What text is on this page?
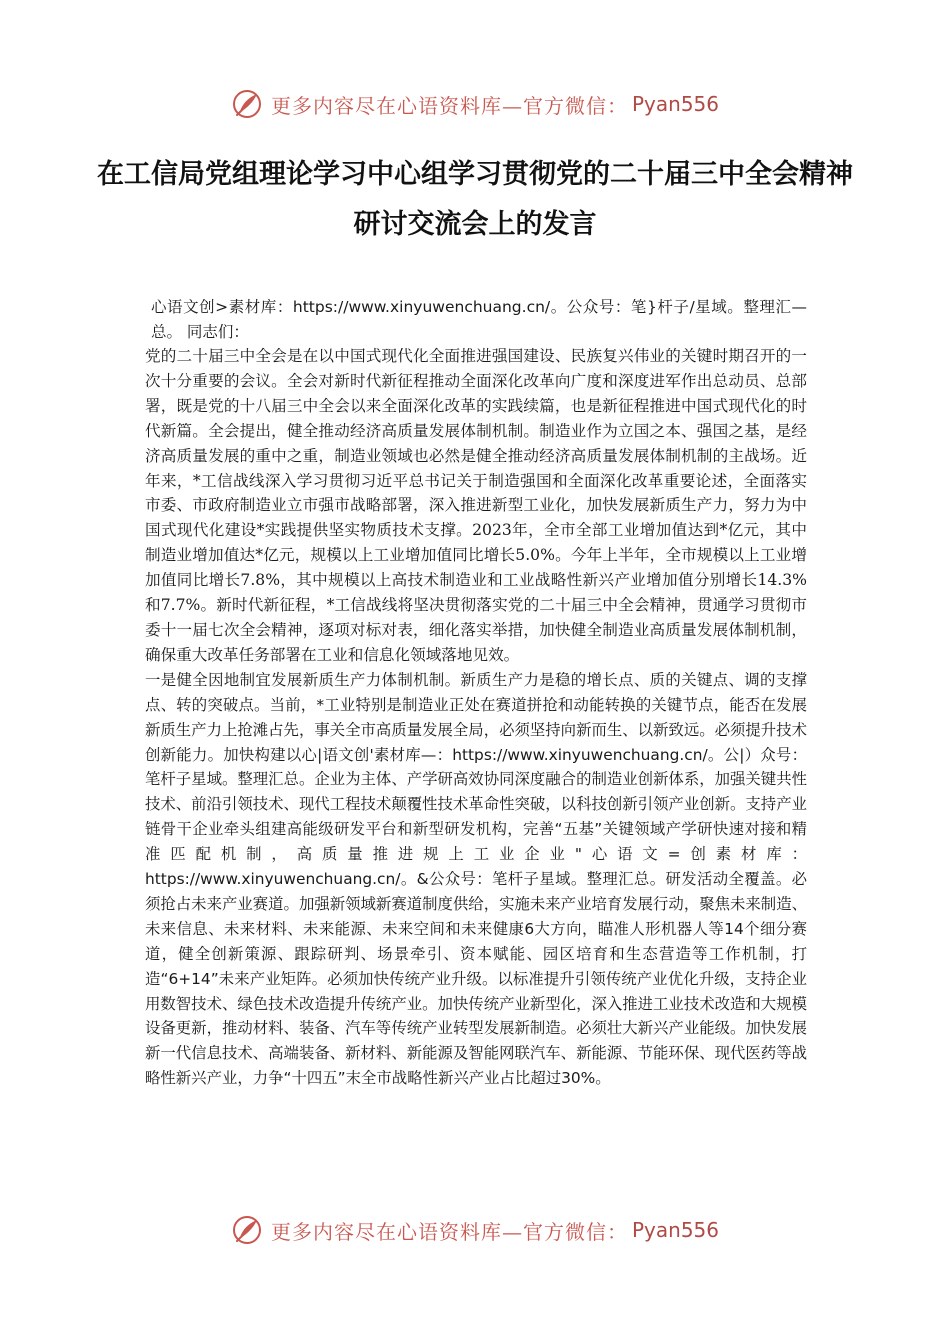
更多内容尽在心语资料库—官方微信： Pyan556
在工信局党组理论学习中心组学习贯彻党的二十届三中全会精神研讨交流会上的发言

心语文创>素材库：https://www.xinyuwenchuang.cn/。公众号：笔}杆子/星域。整理汇—总。 同志们：

党的二十届三中全会是在以中国式现代化全面推进强国建设、民族复兴伟业的关键时期召开的一次十分重要的会议。全会对新时代新征程推动全面深化改革向广度和深度进军作出总动员、总部署，既是党的十八届三中全会以来全面深化改革的实践续篇，也是新征程推进中国式现代化的时代新篇。全会提出，健全推动经济高质量发展体制机制。制造业作为立国之本、强国之基，是经济高质量发展的重中之重，制造业领域也必然是健全推动经济高质量发展体制机制的主战场。近年来，*工信战线深入学习贯彻习近平总书记关于制造强国和全面深化改革重要论述，全面落实市委、市政府制造业立市强市战略部署，深入推进新型工业化，加快发展新质生产力，努力为中国式现代化建设*实践提供坚实物质技术支撑。2023年，全市全部工业增加值达到*亿元，其中制造业增加值达*亿元，规模以上工业增加值同比增长5.0%。今年上半年，全市规模以上工业增加值同比增长7.8%，其中规模以上高技术制造业和工业战略性新兴产业增加值分别增长14.3%和7.7%。新时代新征程，*工信战线将坚决贯彻落实党的二十届三中全会精神，贯通学习贯彻市委十一届七次全会精神，逐项对标对表，细化落实举措，加快健全制造业高质量发展体制机制，确保重大改革任务部署在工业和信息化领域落地见效。

一是健全因地制宜发展新质生产力体制机制。新质生产力是稳的增长点、质的关键点、调的支撑点、转的突破点。当前，*工业特别是制造业正处在赛道拼抢和动能转换的关键节点，能否在发展新质生产力上抢滩占先，事关全市高质量发展全局，必须坚持向新而生、以新致远。必须提升技术创新能力。加快构建以心|语文创'素材库—：https://www.xinyuwenchuang.cn/。公|）众号：笔杆子星域。整理汇总。企业为主体、产学研高效协同深度融合的制造业创新体系，加强关键共性技术、前沿引领技术、现代工程技术颠覆性技术革命性突破，以科技创新引领产业创新。支持产业链骨干企业牵头组建高能级研发平台和新型研发机构，完善“五基”关键领域产学研快速对接和精准匹配机制，高质量推进规上工业企业"心语文=创素材库：https://www.xinyuwenchuang.cn/。&公众号：笔杆子星域。整理汇总。研发活动全覆盖。必须抢占未来产业赛道。加强新领域新赛道制度供给，实施未来产业培育发展行动，聚焦未来制造、未来信息、未来材料、未来能源、未来空间和未来健康6大方向，瞄准人形机器人等14个细分赛道，健全创新策源、跟踪研判、场景牵引、资本赋能、园区培育和生态营造等工作机制，打造“6+14”未来产业矩阵。必须加快传统产业升级。以标准提升引领传统产业优化升级，支持企业用数智技术、绿色技术改造提升传统产业。加快传统产业新型化，深入推进工业技术改造和大规模设备更新，推动材料、装备、汽车等传统产业转型发展新制造。必须壮大新兴产业能级。加快发展新一代信息技术、高端装备、新材料、新能源及智能网联汽车、新能源、节能环保、现代医药等战略性新兴产业，力争“十四五”末全市战略性新兴产业占比超过30%。

更多内容尽在心语资料库—官方微信： Pyan556
